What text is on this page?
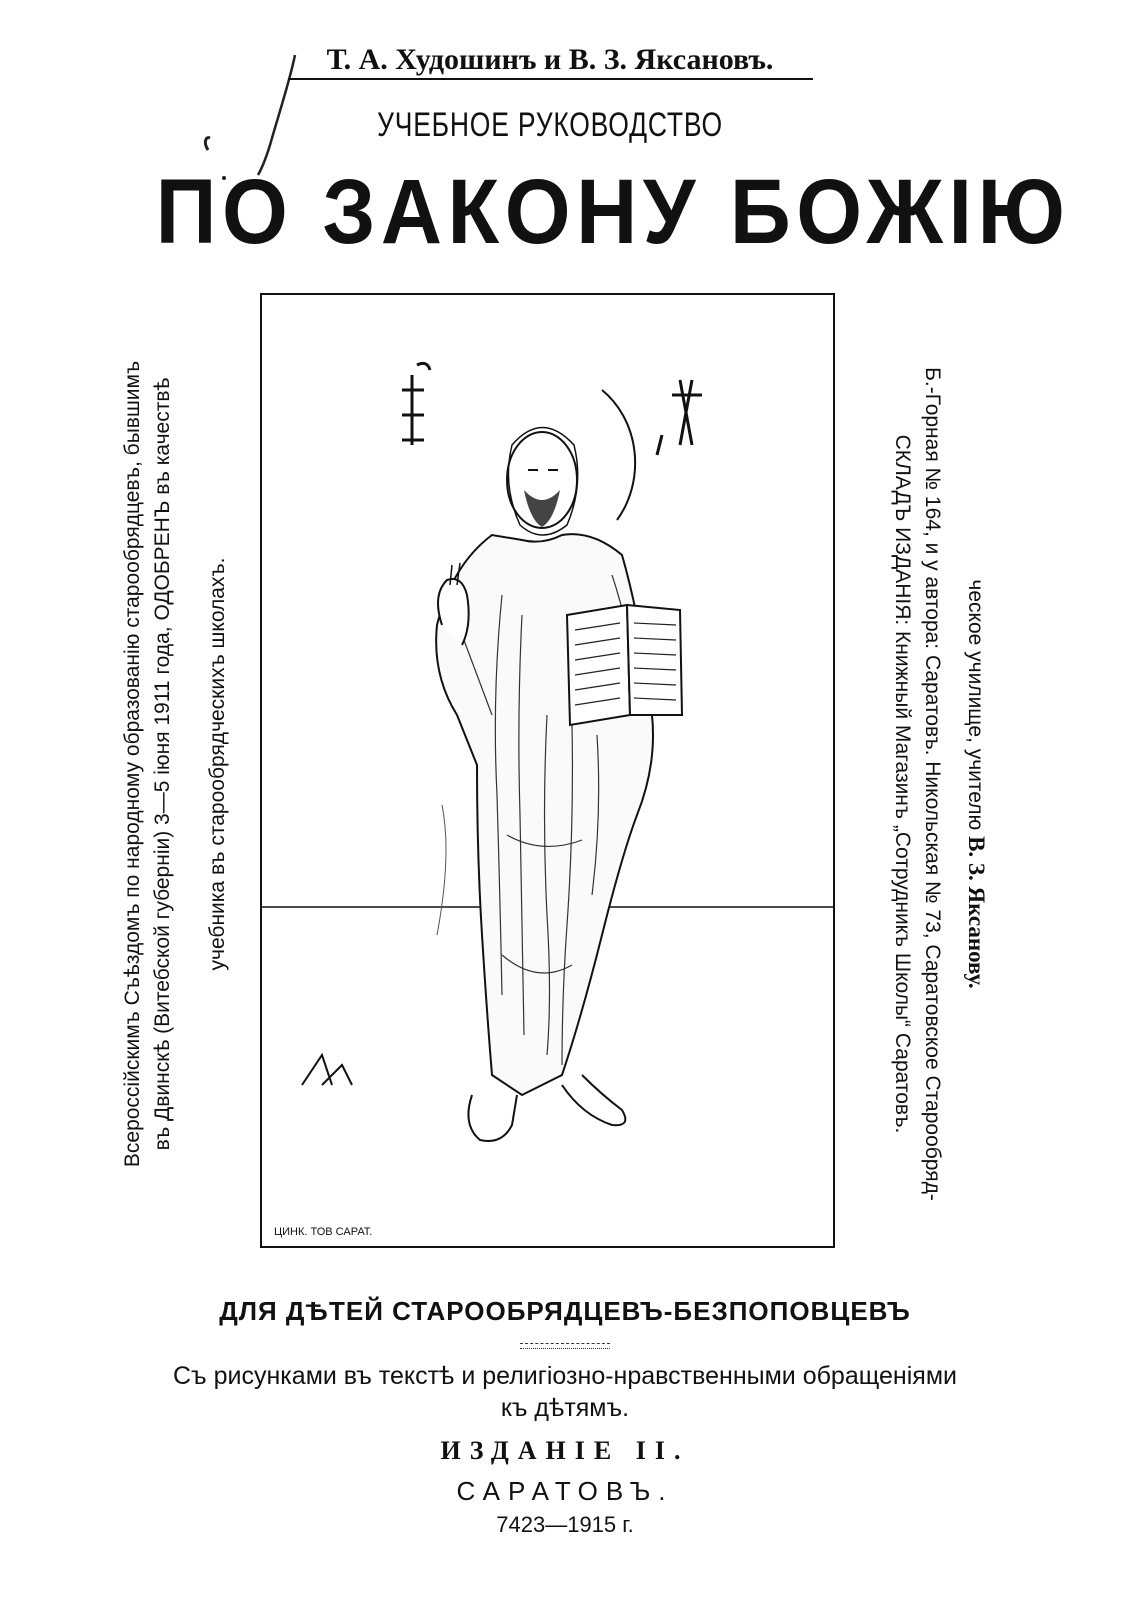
Т. А. Худошинъ и В. З. Яксановъ.
УЧЕБНОЕ РУКОВОДСТВО
ПО ЗАКОНУ БОЖІЮ
Всероссійскимъ Съѣздомъ по народному образованію старообрядцевъ, бывшимъ въ Двинскѣ (Витебской губерніи) 3—5 іюня 1911 года, ОДОБРЕНЪ въ качествѣ учебника въ старообрядческихъ школахъ.	СКЛАДЪ ИЗДАНІЯ: Книжный Магазинъ „Сотрудникъ Школы“ Саратовъ. Б.-Горная № 164, и у автора: Саратовъ. Никольская № 73, Саратовское Старообряд- ческое училище, учителю В. З. Яксанову.
ЦИНК. ТОВ САРАТ.
ДЛЯ ДѢТЕЙ СТАРООБРЯДЦЕВЪ-БЕЗПОПОВЦЕВЪ
Съ рисунками въ текстѣ и религіозно-нравственными обращеніями
къ дѣтямъ.
ИЗДАНІЕ II.
САРАТОВЪ.
7423—1915 г.
